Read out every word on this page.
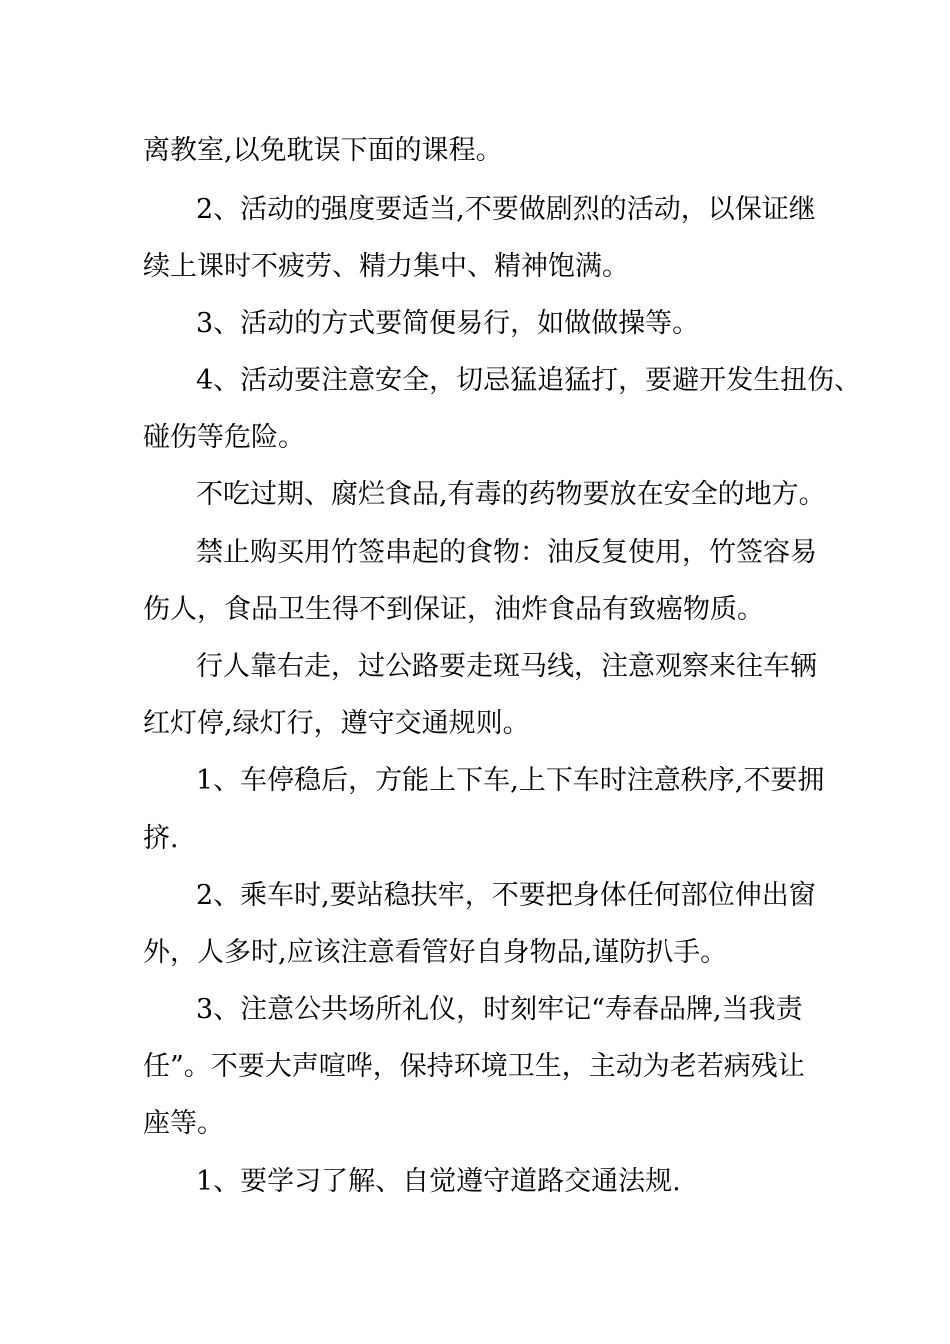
离教室,以免耽误下面的课程。
2、活动的强度要适当,不要做剧烈的活动，以保证继
续上课时不疲劳、精力集中、精神饱满。
3、活动的方式要简便易行，如做做操等。
4、活动要注意安全，切忌猛追猛打，要避开发生扭伤、
碰伤等危险。
不吃过期、腐烂食品,有毒的药物要放在安全的地方。
禁止购买用竹签串起的食物：油反复使用，竹签容易
伤人，食品卫生得不到保证，油炸食品有致癌物质。
行人靠右走，过公路要走斑马线，注意观察来往车辆
红灯停,绿灯行，遵守交通规则。
1、车停稳后，方能上下车,上下车时注意秩序,不要拥
挤.
2、乘车时,要站稳扶牢，不要把身体任何部位伸出窗
外，人多时,应该注意看管好自身物品,谨防扒手。
3、注意公共场所礼仪，时刻牢记“寿春品牌,当我责
任”。不要大声喧哗，保持环境卫生，主动为老若病残让
座等。
1、要学习了解、自觉遵守道路交通法规.
